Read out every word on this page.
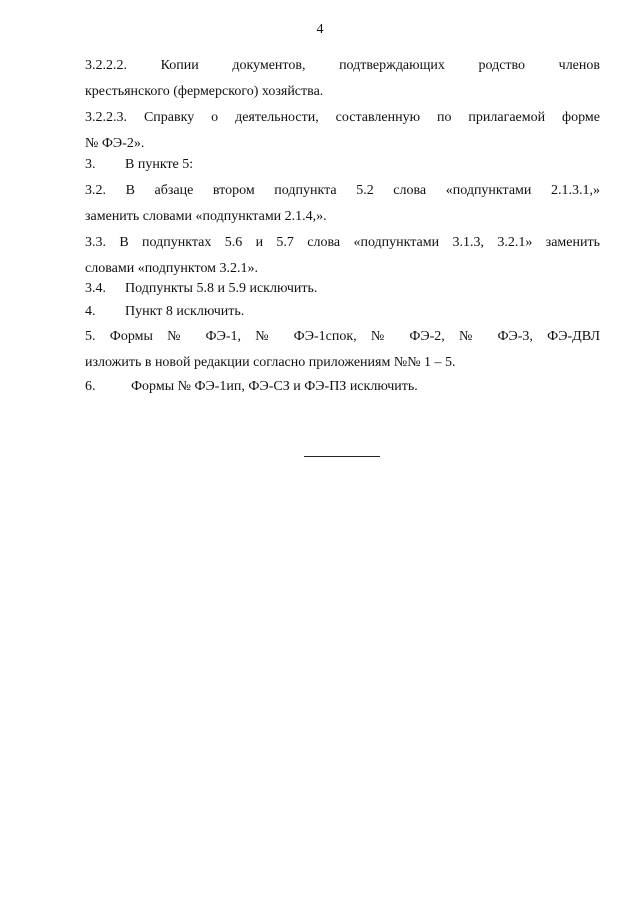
4

3.2.2.2. Копии документов, подтверждающих родство членов
крестьянского (фермерского) хозяйства.

3.2.2.3. Справку о деятельности, составленную по прилагаемой форме
№ ФЭ-2».

3. В пункте 5:

3.2. В абзаце втором подпункта 5.2 слова «подпунктами 2.1.3.1,»
заменить словами «подпунктами 2.1.4,».

3.3. В подпунктах 5.6 и 5.7 слова «подпунктами 3.1.3, 3.2.1» заменить
словами «подпунктом 3.2.1».

3.4. Подпункты 5.8 и 5.9 исключить.

4. Пункт 8 исключить.

5. Формы № ФЭ-1, № ФЭ-1спок, № ФЭ-2, № ФЭ-3, ФЭ-ДВЛ
изложить в новой редакции согласно приложениям №№ 1 – 5.

6.	Формы № ФЭ-1ип, ФЭ-СЗ и ФЭ-ПЗ исключить.
